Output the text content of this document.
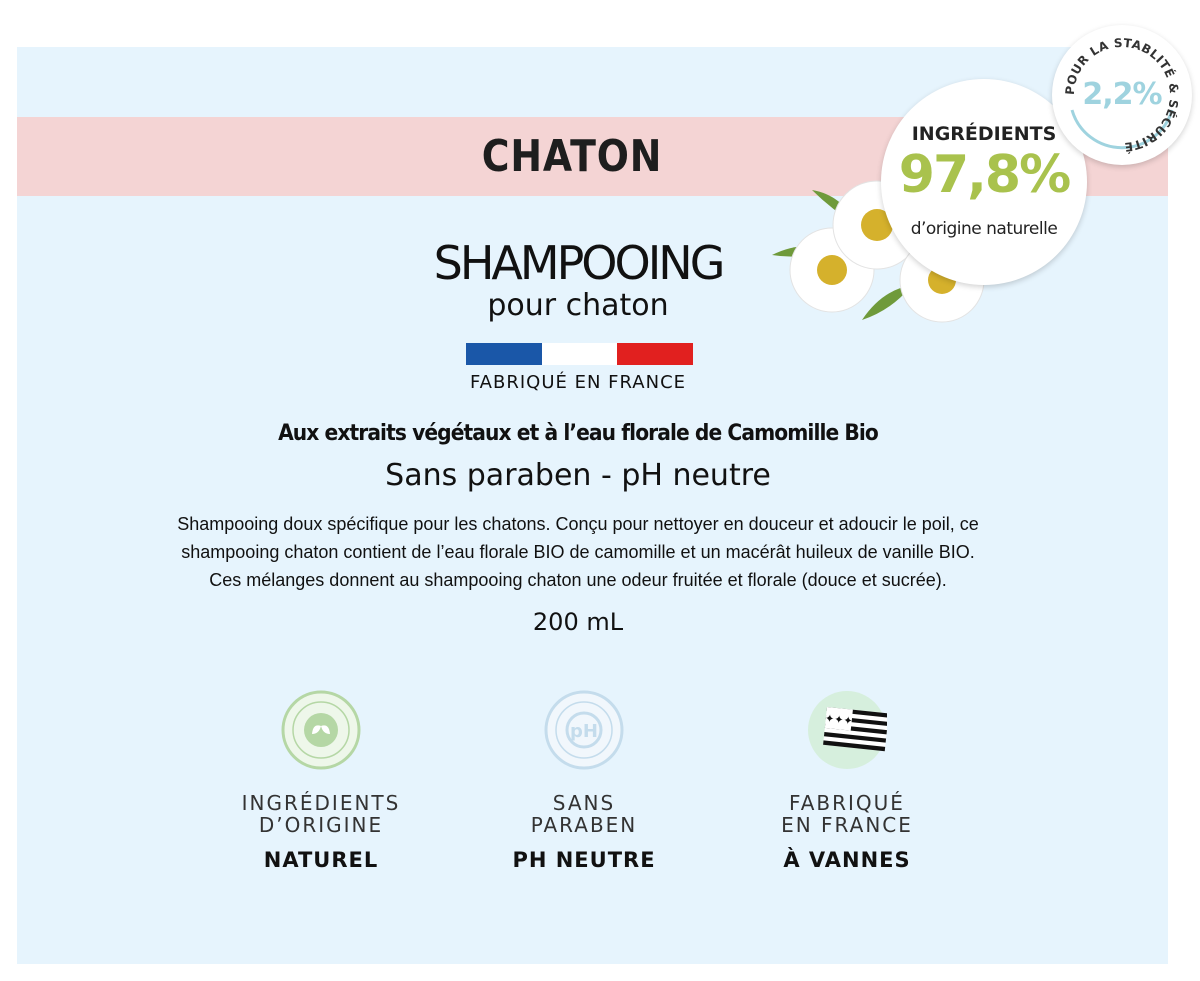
CHATON	INGRÉDIENTS
97,8%
d’origine naturelle
POUR LA STABLITÉ & SÉCURITÉ
2,2%
SHAMPOOING
pour chaton
FABRIQUÉ EN FRANCE
Aux extraits végétaux et à l’eau florale de Camomille Bio
Sans paraben - pH neutre
Shampooing doux spécifique pour les chatons. Conçu pour nettoyer en douceur et adoucir le poil, ce shampooing chaton contient de l’eau florale BIO de camomille et un macérât huileux de vanille BIO. Ces mélanges donnent au shampooing chaton une odeur fruitée et florale (douce et sucrée).
200 mL
INGRÉDIENTS
D’ORIGINE
NATUREL
pH
SANS
PARABEN
PH NEUTRE
✦✦✦
FABRIQUÉ
EN FRANCE
À VANNES
